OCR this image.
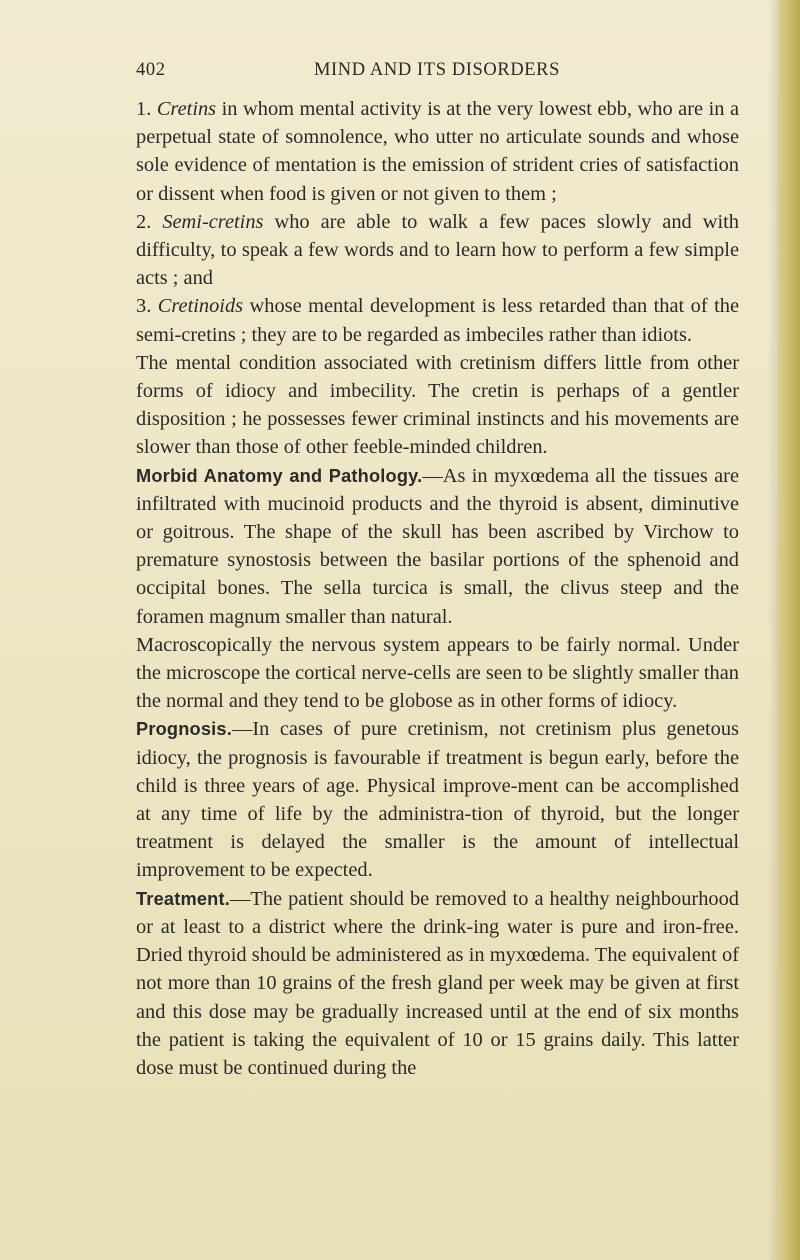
402	MIND AND ITS DISORDERS

1. Cretins in whom mental activity is at the very lowest ebb, who are in a perpetual state of somnolence, who utter no articulate sounds and whose sole evidence of mentation is the emission of strident cries of satisfaction or dissent when food is given or not given to them ;

2. Semi-cretins who are able to walk a few paces slowly and with difficulty, to speak a few words and to learn how to perform a few simple acts ; and

3. Cretinoids whose mental development is less retarded than that of the semi-cretins ; they are to be regarded as imbeciles rather than idiots.

The mental condition associated with cretinism differs little from other forms of idiocy and imbecility. The cretin is perhaps of a gentler disposition ; he possesses fewer criminal instincts and his movements are slower than those of other feeble-minded children.

Morbid Anatomy and Pathology.—As in myxœdema all the tissues are infiltrated with mucinoid products and the thyroid is absent, diminutive or goitrous. The shape of the skull has been ascribed by Virchow to premature synostosis between the basilar portions of the sphenoid and occipital bones. The sella turcica is small, the clivus steep and the foramen magnum smaller than natural.

Macroscopically the nervous system appears to be fairly normal. Under the microscope the cortical nerve-cells are seen to be slightly smaller than the normal and they tend to be globose as in other forms of idiocy.

Prognosis.—In cases of pure cretinism, not cretinism plus genetous idiocy, the prognosis is favourable if treatment is begun early, before the child is three years of age. Physical improve-ment can be accomplished at any time of life by the administra-tion of thyroid, but the longer treatment is delayed the smaller is the amount of intellectual improvement to be expected.

Treatment.—The patient should be removed to a healthy neighbourhood or at least to a district where the drink-ing water is pure and iron-free. Dried thyroid should be administered as in myxœdema. The equivalent of not more than 10 grains of the fresh gland per week may be given at first and this dose may be gradually increased until at the end of six months the patient is taking the equivalent of 10 or 15 grains daily. This latter dose must be continued during the
